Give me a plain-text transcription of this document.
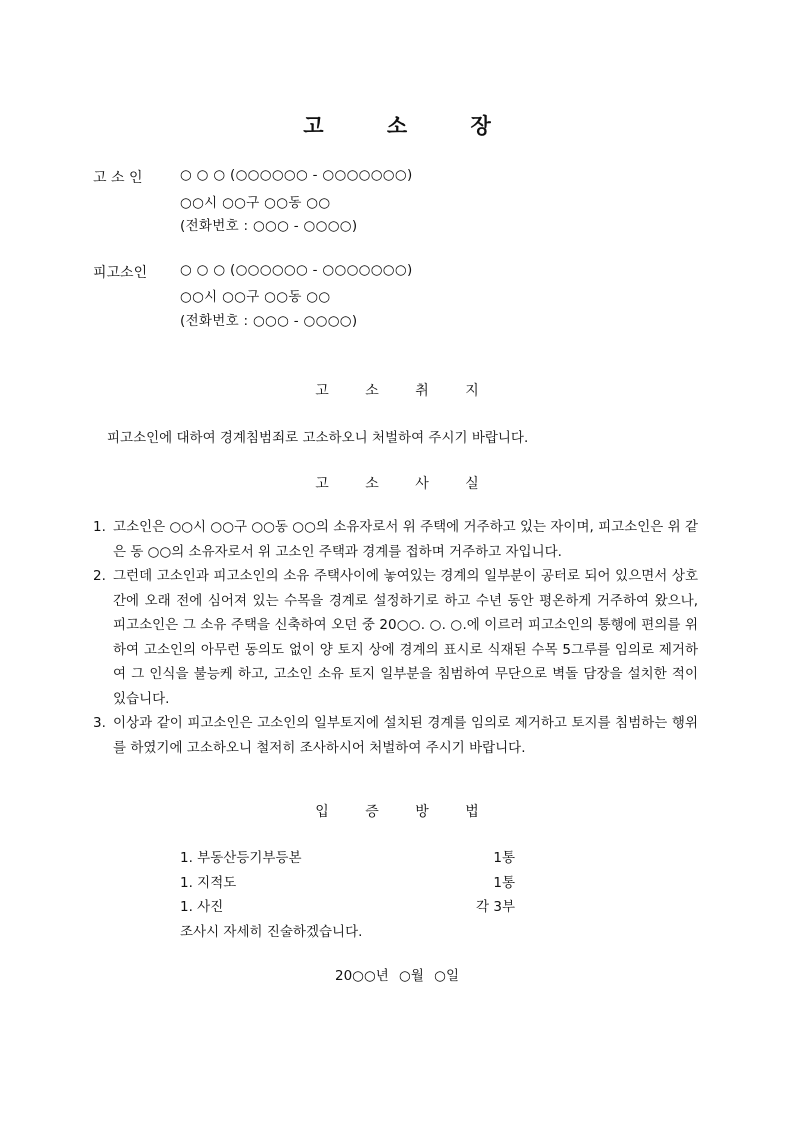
고 소 장
고 소 인	○ ○ ○ (○○○○○○ - ○○○○○○○)
○○시 ○○구 ○○동 ○○
(전화번호 : ○○○ - ○○○○)
피고소인 ○ ○ ○ (○○○○○○ - ○○○○○○○)
○○시 ○○구 ○○동 ○○
(전화번호 : ○○○ - ○○○○)
고 소 취 지
피고소인에 대하여 경계침범죄로 고소하오니 처벌하여 주시기 바랍니다.
고 소 사 실
1. 고소인은 ○○시 ○○구 ○○동 ○○의 소유자로서 위 주택에 거주하고 있는 자이며, 피고소인은 위 같은 동 ○○의 소유자로서 위 고소인 주택과 경계를 접하며 거주하고 자입니다.
2. 그런데 고소인과 피고소인의 소유 주택사이에 놓여있는 경계의 일부분이 공터로 되어 있으면서 상호간에 오래 전에 심어져 있는 수목을 경계로 설정하기로 하고 수년 동안 평온하게 거주하여 왔으나, 피고소인은 그 소유 주택을 신축하여 오던 중 20○○. ○. ○.에 이르러 피고소인의 통행에 편의를 위하여 고소인의 아무런 동의도 없이 양 토지 상에 경계의 표시로 식재된 수목 5그루를 임의로 제거하여 그 인식을 불능케 하고, 고소인 소유 토지 일부분을 침범하여 무단으로 벽돌 담장을 설치한 적이 있습니다.
3. 이상과 같이 피고소인은 고소인의 일부토지에 설치된 경계를 임의로 제거하고 토지를 침범하는 행위를 하였기에 고소하오니 철저히 조사하시어 처벌하여 주시기 바랍니다.
입 증 방 법
1. 부동산등기부등본	1통
1. 지적도	1통
1. 사진	각 3부
조사시 자세히 진술하겠습니다.
20○○년 ○월 ○일
